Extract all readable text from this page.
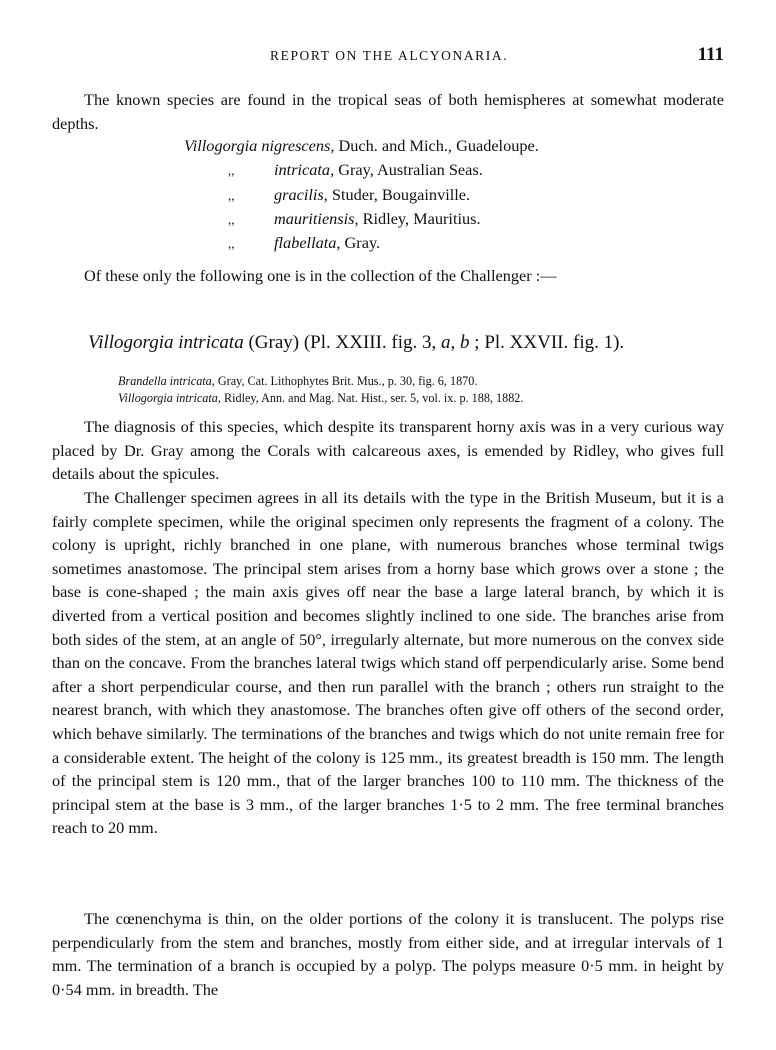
REPORT ON THE ALCYONARIA.	111

The known species are found in the tropical seas of both hemispheres at somewhat moderate depths.

Villogorgia nigrescens, Duch. and Mich., Guadeloupe.
,, intricata, Gray, Australian Seas.
,, gracilis, Studer, Bougainville.
,, mauritiensis, Ridley, Mauritius.
,, flabellata, Gray.

Of these only the following one is in the collection of the Challenger :—

Villogorgia intricata (Gray) (Pl. XXIII. fig. 3, a, b ; Pl. XXVII. fig. 1).
Brandella intricata, Gray, Cat. Lithophytes Brit. Mus., p. 30, fig. 6, 1870.
Villogorgia intricata, Ridley, Ann. and Mag. Nat. Hist., ser. 5, vol. ix. p. 188, 1882.

The diagnosis of this species, which despite its transparent horny axis was in a very curious way placed by Dr. Gray among the Corals with calcareous axes, is emended by Ridley, who gives full details about the spicules.

The Challenger specimen agrees in all its details with the type in the British Museum, but it is a fairly complete specimen, while the original specimen only represents the fragment of a colony. The colony is upright, richly branched in one plane, with numerous branches whose terminal twigs sometimes anastomose. The principal stem arises from a horny base which grows over a stone ; the base is cone-shaped ; the main axis gives off near the base a large lateral branch, by which it is diverted from a vertical position and becomes slightly inclined to one side. The branches arise from both sides of the stem, at an angle of 50°, irregularly alternate, but more numerous on the convex side than on the concave. From the branches lateral twigs which stand off perpendicularly arise. Some bend after a short perpendicular course, and then run parallel with the branch ; others run straight to the nearest branch, with which they anastomose. The branches often give off others of the second order, which behave similarly. The terminations of the branches and twigs which do not unite remain free for a considerable extent. The height of the colony is 125 mm., its greatest breadth is 150 mm. The length of the principal stem is 120 mm., that of the larger branches 100 to 110 mm. The thickness of the principal stem at the base is 3 mm., of the larger branches 1·5 to 2 mm. The free terminal branches reach to 20 mm.

The cœnenchyma is thin, on the older portions of the colony it is translucent. The polyps rise perpendicularly from the stem and branches, mostly from either side, and at irregular intervals of 1 mm. The termination of a branch is occupied by a polyp. The polyps measure 0·5 mm. in height by 0·54 mm. in breadth. The
